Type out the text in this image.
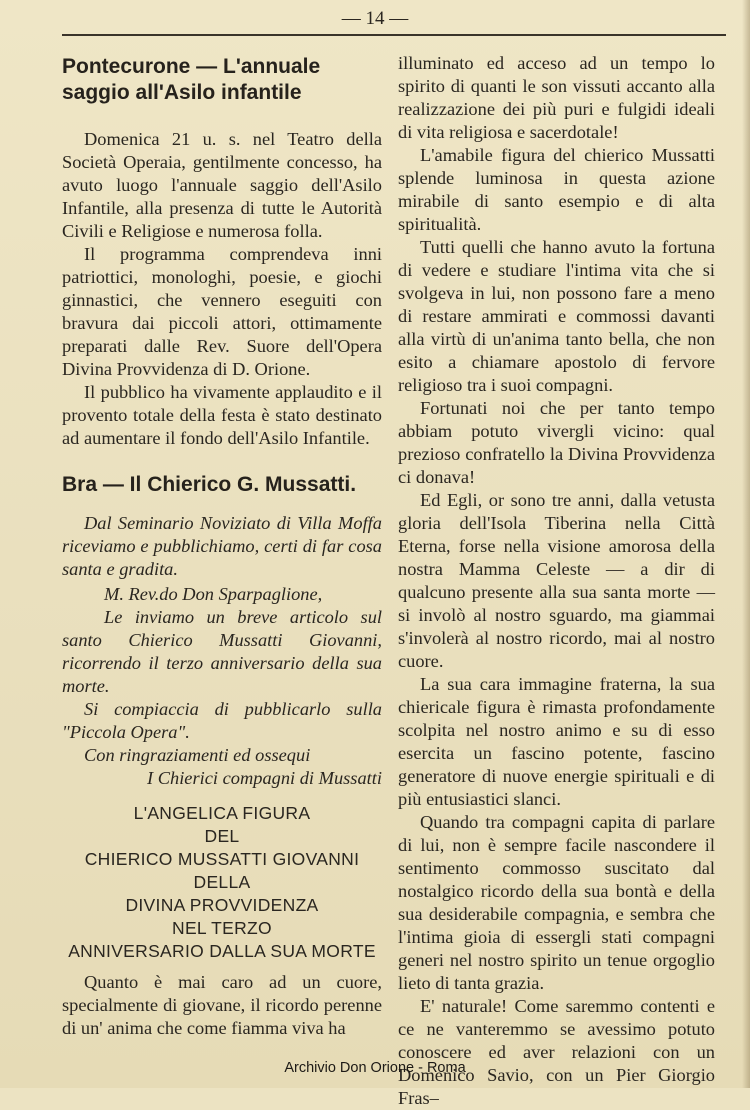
— 14 —
Pontecurone — L'annuale saggio all'Asilo infantile

Domenica 21 u. s. nel Teatro della Società Operaia, gentilmente concesso, ha avuto luogo l'annuale saggio dell'Asilo Infantile, alla presenza di tutte le Autorità Civili e Religiose e numerosa folla.

Il programma comprendeva inni patriottici, monologhi, poesie, e giochi ginnastici, che vennero eseguiti con bravura dai piccoli attori, ottimamente preparati dalle Rev. Suore dell'Opera Divina Provvidenza di D. Orione.

Il pubblico ha vivamente applaudito e il provento totale della festa è stato destinato ad aumentare il fondo dell'Asilo Infantile.

Bra — Il Chierico G. Mussatti.

Dal Seminario Noviziato di Villa Moffa riceviamo e pubblichiamo, certi di far cosa santa e gradita.

M. Rev.do Don Sparpaglione,

Le inviamo un breve articolo sul santo Chierico Mussatti Giovanni, ricorrendo il terzo anniversario della sua morte.

Si compiaccia di pubblicarlo sulla "Piccola Opera".

Con ringraziamenti ed ossequi

I Chierici compagni di Mussatti

L'ANGELICA FIGURA
DEL
CHIERICO MUSSATTI GIOVANNI
DELLA
DIVINA PROVVIDENZA
NEL TERZO
ANNIVERSARIO DALLA SUA MORTE

Quanto è mai caro ad un cuore, specialmente di giovane, il ricordo perenne di un' anima che come fiamma viva ha

illuminato ed acceso ad un tempo lo spirito di quanti le son vissuti accanto alla realizzazione dei più puri e fulgidi ideali di vita religiosa e sacerdotale!

L'amabile figura del chierico Mussatti splende luminosa in questa azione mirabile di santo esempio e di alta spiritualità.

Tutti quelli che hanno avuto la fortuna di vedere e studiare l'intima vita che si svolgeva in lui, non possono fare a meno di restare ammirati e commossi davanti alla virtù di un'anima tanto bella, che non esito a chiamare apostolo di fervore religioso tra i suoi compagni.

Fortunati noi che per tanto tempo abbiam potuto vivergli vicino: qual prezioso confratello la Divina Provvidenza ci donava!

Ed Egli, or sono tre anni, dalla vetusta gloria dell'Isola Tiberina nella Città Eterna, forse nella visione amorosa della nostra Mamma Celeste — a dir di qualcuno presente alla sua santa morte — si involò al nostro sguardo, ma giammai s'involerà al nostro ricordo, mai al nostro cuore.

La sua cara immagine fraterna, la sua chiericale figura è rimasta profondamente scolpita nel nostro animo e su di esso esercita un fascino potente, fascino generatore di nuove energie spirituali e di più entusiastici slanci.

Quando tra compagni capita di parlare di lui, non è sempre facile nascondere il sentimento commosso suscitato dal nostalgico ricordo della sua bontà e della sua desiderabile compagnia, e sembra che l'intima gioia di essergli stati compagni generi nel nostro spirito un tenue orgoglio lieto di tanta grazia.

E' naturale! Come saremmo contenti e ce ne vanteremmo se avessimo potuto conoscere ed aver relazioni con un Domenico Savio, con un Pier Giorgio Fras–

Archivio Don Orione - Roma
